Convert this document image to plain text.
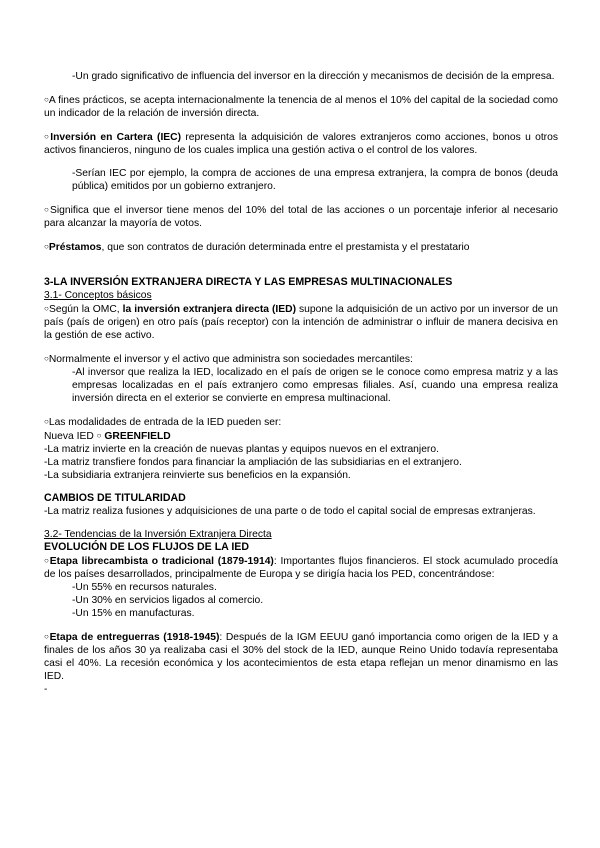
-Un grado significativo de influencia del inversor en la dirección y mecanismos de decisión de la empresa.

○A fines prácticos, se acepta internacionalmente la tenencia de al menos el 10% del capital de la sociedad como un indicador de la relación de inversión directa.

○Inversión en Cartera (IEC) representa la adquisición de valores extranjeros como acciones, bonos u otros activos financieros, ninguno de los cuales implica una gestión activa o el control de los valores.

-Serían IEC por ejemplo, la compra de acciones de una empresa extranjera, la compra de bonos (deuda pública) emitidos por un gobierno extranjero.

○Significa que el inversor tiene menos del 10% del total de las acciones o un porcentaje inferior al necesario para alcanzar la mayoría de votos.

○Préstamos, que son contratos de duración determinada entre el prestamista y el prestatario

3-LA INVERSIÓN EXTRANJERA DIRECTA Y LAS EMPRESAS MULTINACIONALES

3.1- Conceptos básicos

○Según la OMC, la inversión extranjera directa (IED) supone la adquisición de un activo por un inversor de un país (país de origen) en otro país (país receptor) con la intención de administrar o influir de manera decisiva en la gestión de ese activo.

○Normalmente el inversor y el activo que administra son sociedades mercantiles:

-Al inversor que realiza la IED, localizado en el país de origen se le conoce como empresa matriz y a las empresas localizadas en el país extranjero como empresas filiales. Así, cuando una empresa realiza inversión directa en el exterior se convierte en empresa multinacional.

○Las modalidades de entrada de la IED pueden ser:

Nueva IED ○ GREENFIELD

-La matriz invierte en la creación de nuevas plantas y equipos nuevos en el extranjero.

-La matriz transfiere fondos para financiar la ampliación de las subsidiarias en el extranjero.

-La subsidiaria extranjera reinvierte sus beneficios en la expansión.

CAMBIOS DE TITULARIDAD

-La matriz realiza fusiones y adquisiciones de una parte o de todo el capital social de empresas extranjeras.

3.2- Tendencias de la Inversión Extranjera Directa

EVOLUCIÓN DE LOS FLUJOS DE LA IED

○Etapa librecambista o tradicional (1879-1914): Importantes flujos financieros. El stock acumulado procedía de los países desarrollados, principalmente de Europa y se dirigía hacia los PED, concentrándose:

-Un 55% en recursos naturales.

-Un 30% en servicios ligados al comercio.

-Un 15% en manufacturas.

○Etapa de entreguerras (1918-1945): Después de la IGM EEUU ganó importancia como origen de la IED y a finales de los años 30 ya realizaba casi el 30% del stock de la IED, aunque Reino Unido todavía representaba casi el 40%. La recesión económica y los acontecimientos de esta etapa reflejan un menor dinamismo en las IED.

-
